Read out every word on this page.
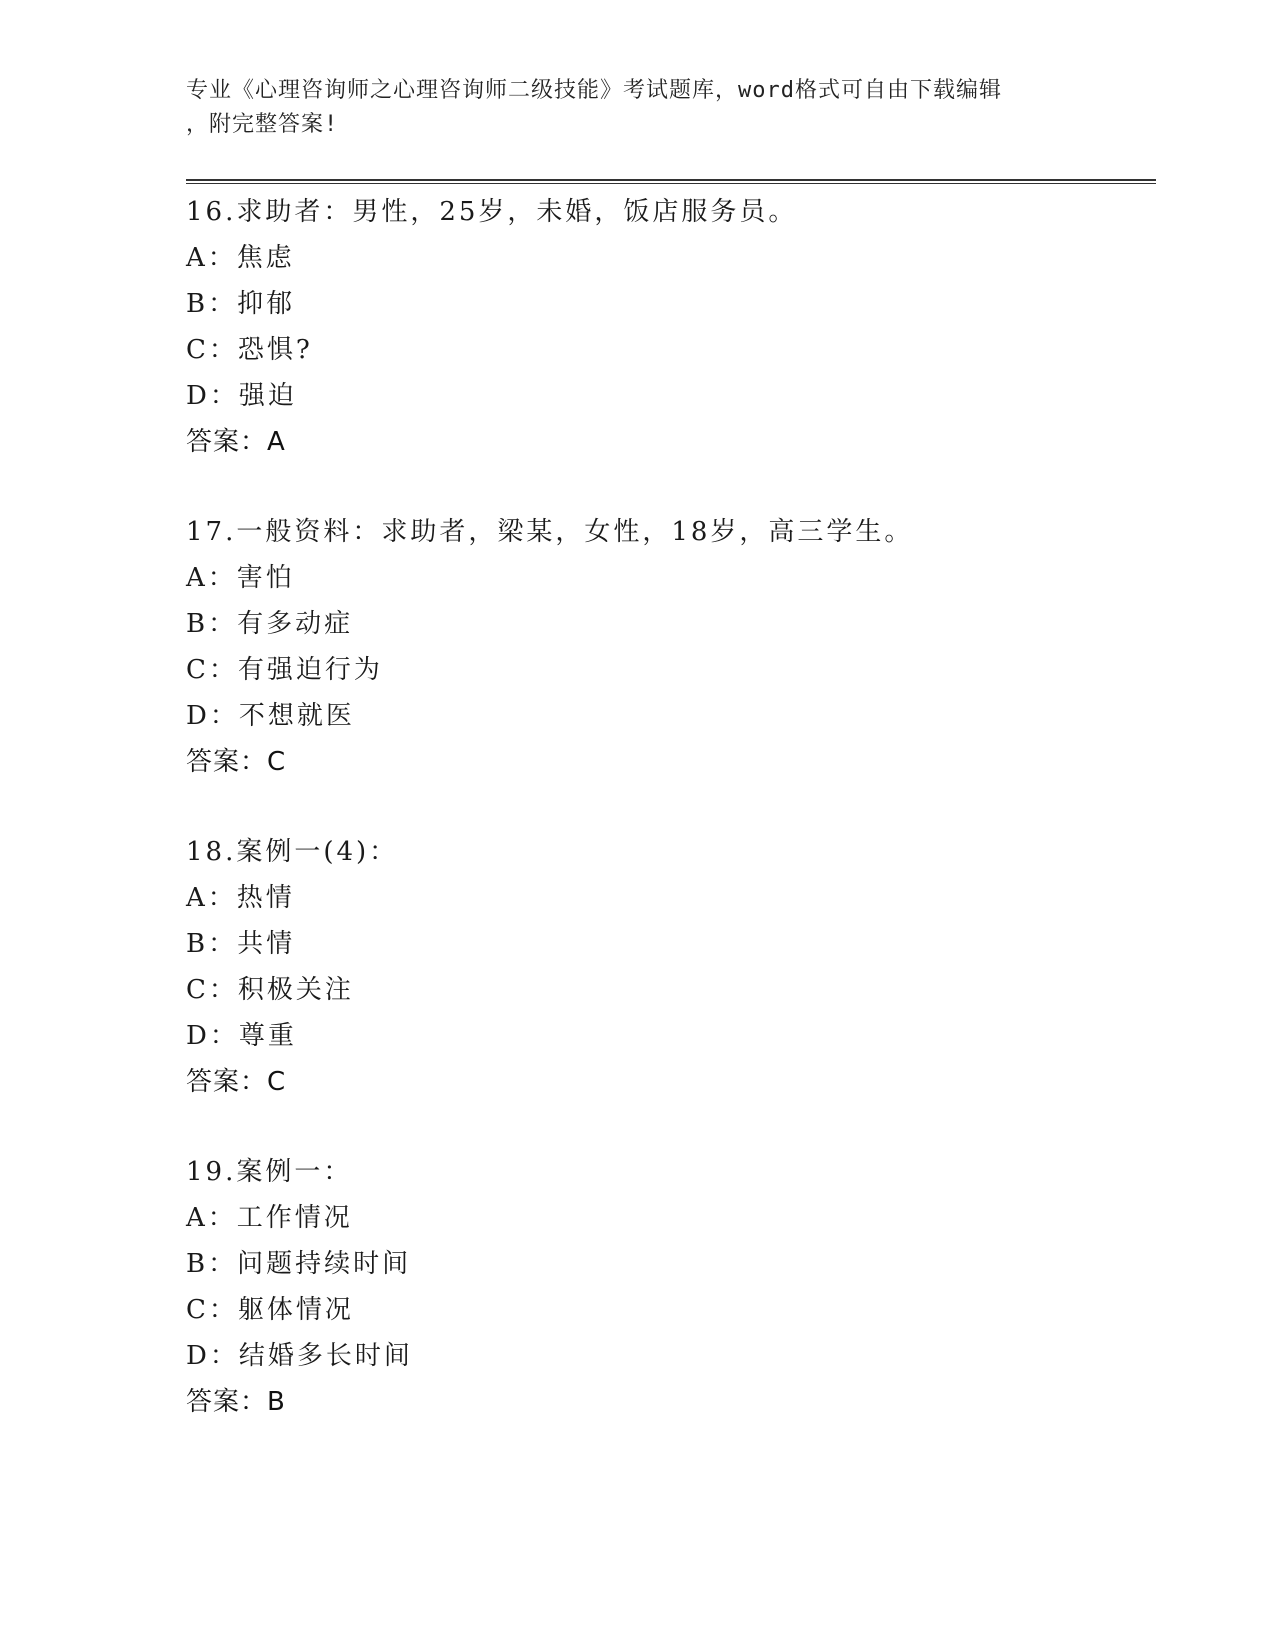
专业《心理咨询师之心理咨询师二级技能》考试题库，word格式可自由下载编辑
，附完整答案!
16.求助者：男性，25岁，未婚，饭店服务员。
A：焦虑
B：抑郁
C：恐惧?
D：强迫
答案：A
17.一般资料：求助者，梁某，女性，18岁，高三学生。
A：害怕
B：有多动症
C：有强迫行为
D：不想就医
答案：C
18.案例一(4)：
A：热情
B：共情
C：积极关注
D：尊重
答案：C
19.案例一：
A：工作情况
B：问题持续时间
C：躯体情况
D：结婚多长时间
答案：B
